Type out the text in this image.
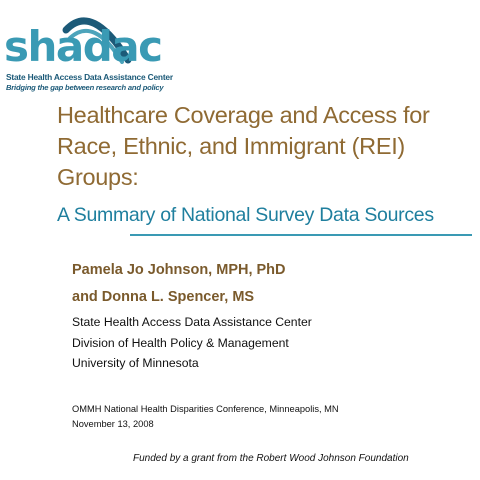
shadac
State Health Access Data Assistance Center
Bridging the gap between research and policy
Healthcare Coverage and Access for
Race, Ethnic, and Immigrant (REI)
Groups:
A Summary of National Survey Data Sources
Pamela Jo Johnson, MPH, PhD
and Donna L. Spencer, MS
State Health Access Data Assistance Center
Division of Health Policy & Management
University of Minnesota
OMMH National Health Disparities Conference, Minneapolis, MN
November 13, 2008
Funded by a grant from the Robert Wood Johnson Foundation
